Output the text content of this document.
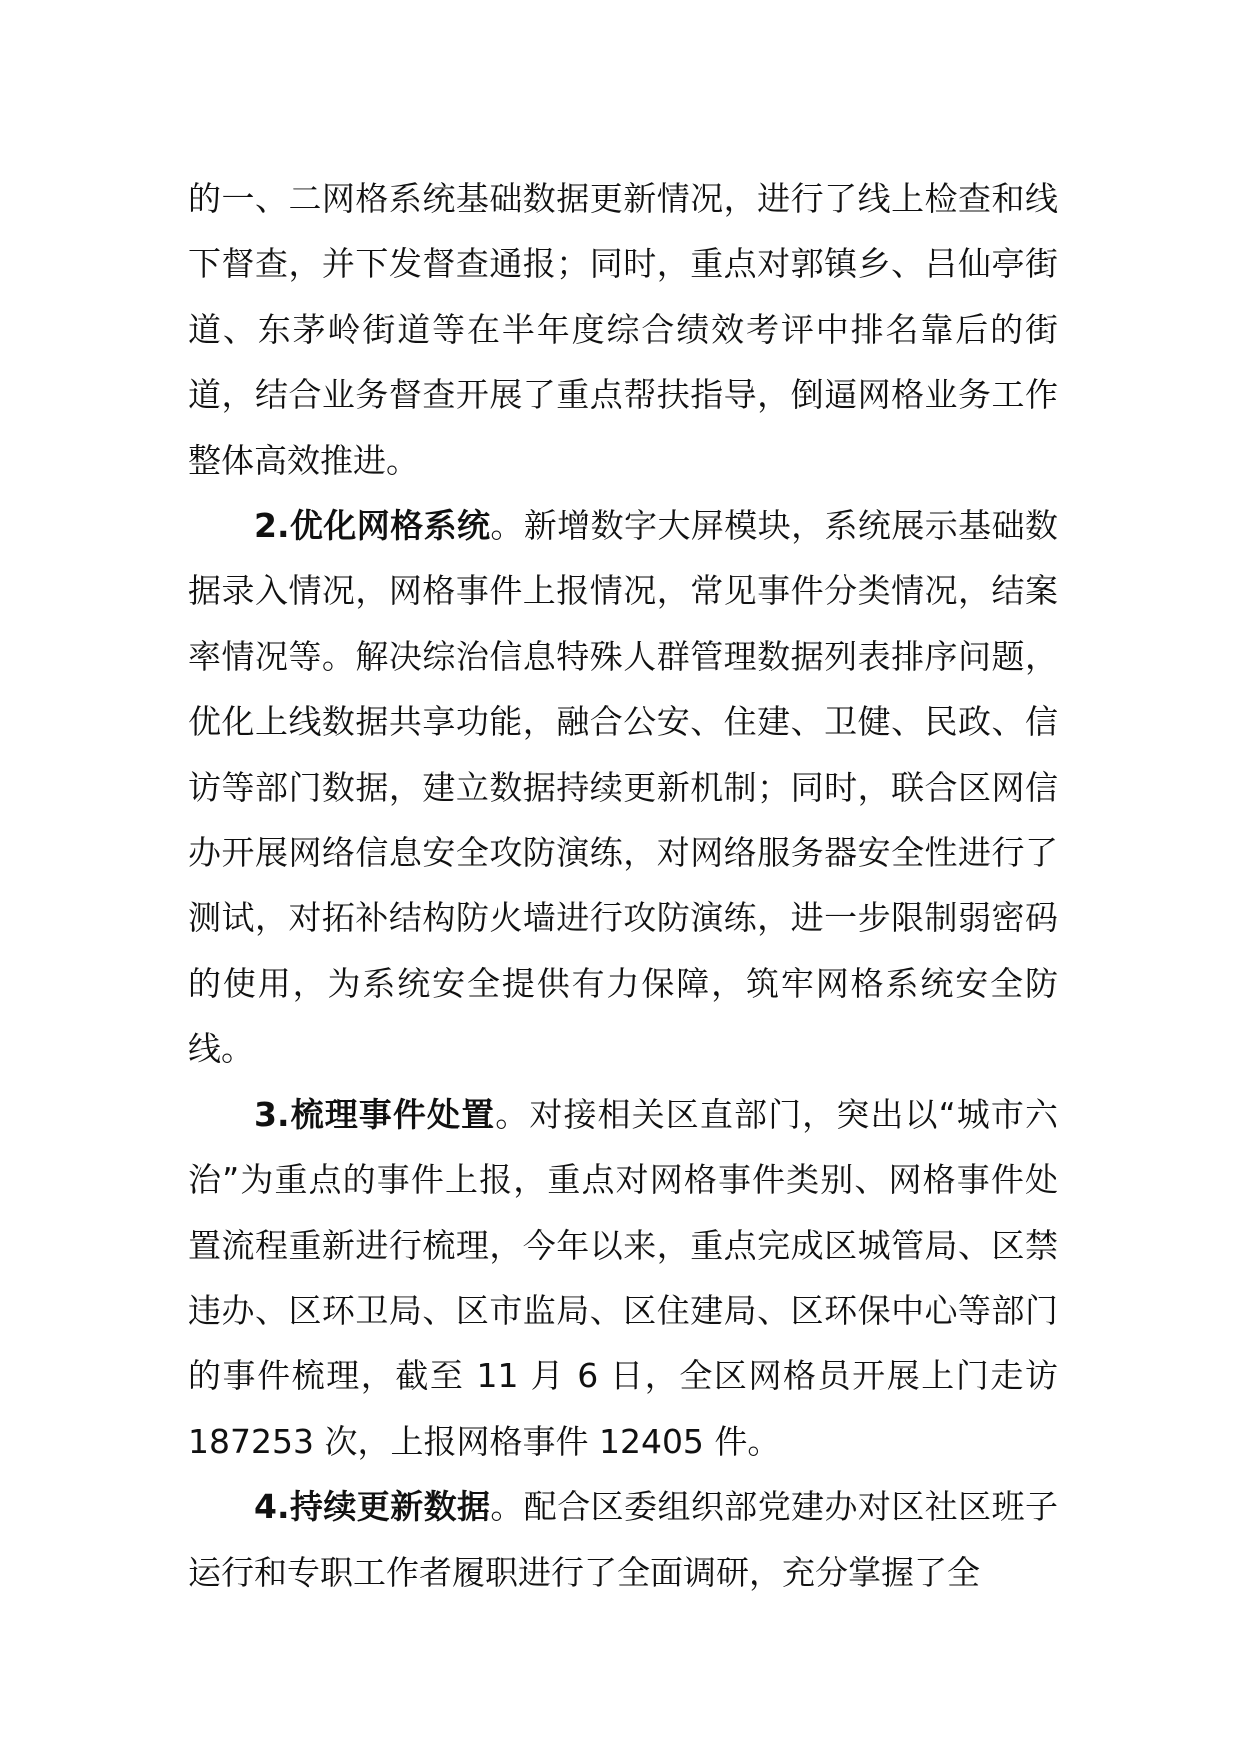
的一、二网格系统基础数据更新情况，进行了线上检查和线下督查，并下发督查通报；同时，重点对郭镇乡、吕仙亭街道、东茅岭街道等在半年度综合绩效考评中排名靠后的街道，结合业务督查开展了重点帮扶指导，倒逼网格业务工作整体高效推进。

2.优化网格系统。新增数字大屏模块，系统展示基础数据录入情况，网格事件上报情况，常见事件分类情况，结案率情况等。解决综治信息特殊人群管理数据列表排序问题，优化上线数据共享功能，融合公安、住建、卫健、民政、信访等部门数据，建立数据持续更新机制；同时，联合区网信办开展网络信息安全攻防演练，对网络服务器安全性进行了测试，对拓补结构防火墙进行攻防演练，进一步限制弱密码的使用，为系统安全提供有力保障，筑牢网格系统安全防线。

3.梳理事件处置。对接相关区直部门，突出以“城市六治”为重点的事件上报，重点对网格事件类别、网格事件处置流程重新进行梳理，今年以来，重点完成区城管局、区禁违办、区环卫局、区市监局、区住建局、区环保中心等部门的事件梳理，截至 11 月 6 日，全区网格员开展上门走访 187253 次，上报网格事件 12405 件。

4.持续更新数据。配合区委组织部党建办对区社区班子运行和专职工作者履职进行了全面调研，充分掌握了全
